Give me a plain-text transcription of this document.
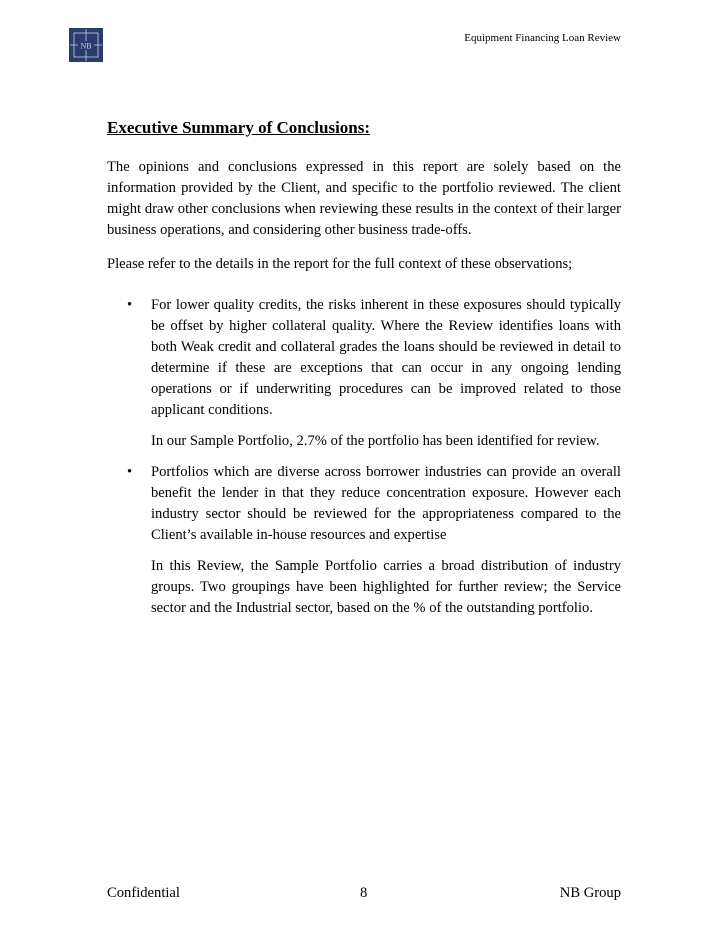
NB
Equipment Financing Loan Review
Executive Summary of Conclusions:

The opinions and conclusions expressed in this report are solely based on the information provided by the Client, and specific to the portfolio reviewed. The client might draw other conclusions when reviewing these results in the context of their larger business operations, and considering other business trade-offs.

Please refer to the details in the report for the full context of these observations;

• For lower quality credits, the risks inherent in these exposures should typically be offset by higher collateral quality. Where the Review identifies loans with both Weak credit and collateral grades the loans should be reviewed in detail to determine if these are exceptions that can occur in any ongoing lending operations or if underwriting procedures can be improved related to those applicant conditions.

In our Sample Portfolio, 2.7% of the portfolio has been identified for review.

• Portfolios which are diverse across borrower industries can provide an overall benefit the lender in that they reduce concentration exposure. However each industry sector should be reviewed for the appropriateness compared to the Client’s available in-house resources and expertise

In this Review, the Sample Portfolio carries a broad distribution of industry groups. Two groupings have been highlighted for further review; the Service sector and the Industrial sector, based on the % of the outstanding portfolio.

Confidential	8	NB Group
